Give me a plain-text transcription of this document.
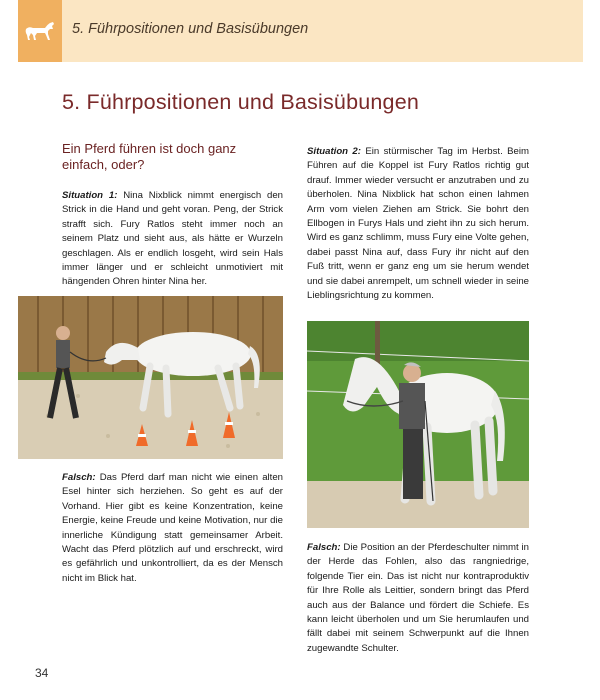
5. Führpositionen und Basisübungen
5. Führpositionen und Basisübungen
Ein Pferd führen ist doch ganz einfach, oder?

Situation 1: Nina Nixblick nimmt energisch den Strick in die Hand und geht voran. Peng, der Strick strafft sich. Fury Ratlos steht immer noch an seinem Platz und sieht aus, als hätte er Wurzeln geschlagen. Als er endlich losgeht, wird sein Hals immer länger und er schleicht unmotiviert mit hängenden Ohren hinter Nina her.

Situation 2: Ein stürmischer Tag im Herbst. Beim Führen auf die Koppel ist Fury Ratlos richtig gut drauf. Immer wieder versucht er anzutraben und zu überholen. Nina Nixblick hat schon einen lahmen Arm vom vielen Ziehen am Strick. Sie bohrt den Ellbogen in Furys Hals und zieht ihn zu sich herum. Wird es ganz schlimm, muss Fury eine Volte gehen, dabei passt Nina auf, dass Fury ihr nicht auf den Fuß tritt, wenn er ganz eng um sie herum wendet und sie dabei anrempelt, um schnell wieder in seine Lieblingsrichtung zu kommen.

Falsch: Das Pferd darf man nicht wie einen alten Esel hinter sich herziehen. So geht es auf der Vorhand. Hier gibt es keine Konzentration, keine Energie, keine Freude und keine Motivation, nur die innerliche Kündigung statt gemeinsamer Arbeit. Wacht das Pferd plötzlich auf und erschreckt, wird es gefährlich und unkontrolliert, da es der Mensch nicht im Blick hat.

Falsch: Die Position an der Pferdeschulter nimmt in der Herde das Fohlen, also das rangniedrige, folgende Tier ein. Das ist nicht nur kontraproduktiv für Ihre Rolle als Leittier, sondern bringt das Pferd auch aus der Balance und fördert die Schiefe. Es kann leicht überholen und um Sie herumlaufen und fällt dabei mit seinem Schwerpunkt auf die Ihnen zugewandte Schulter.

34
